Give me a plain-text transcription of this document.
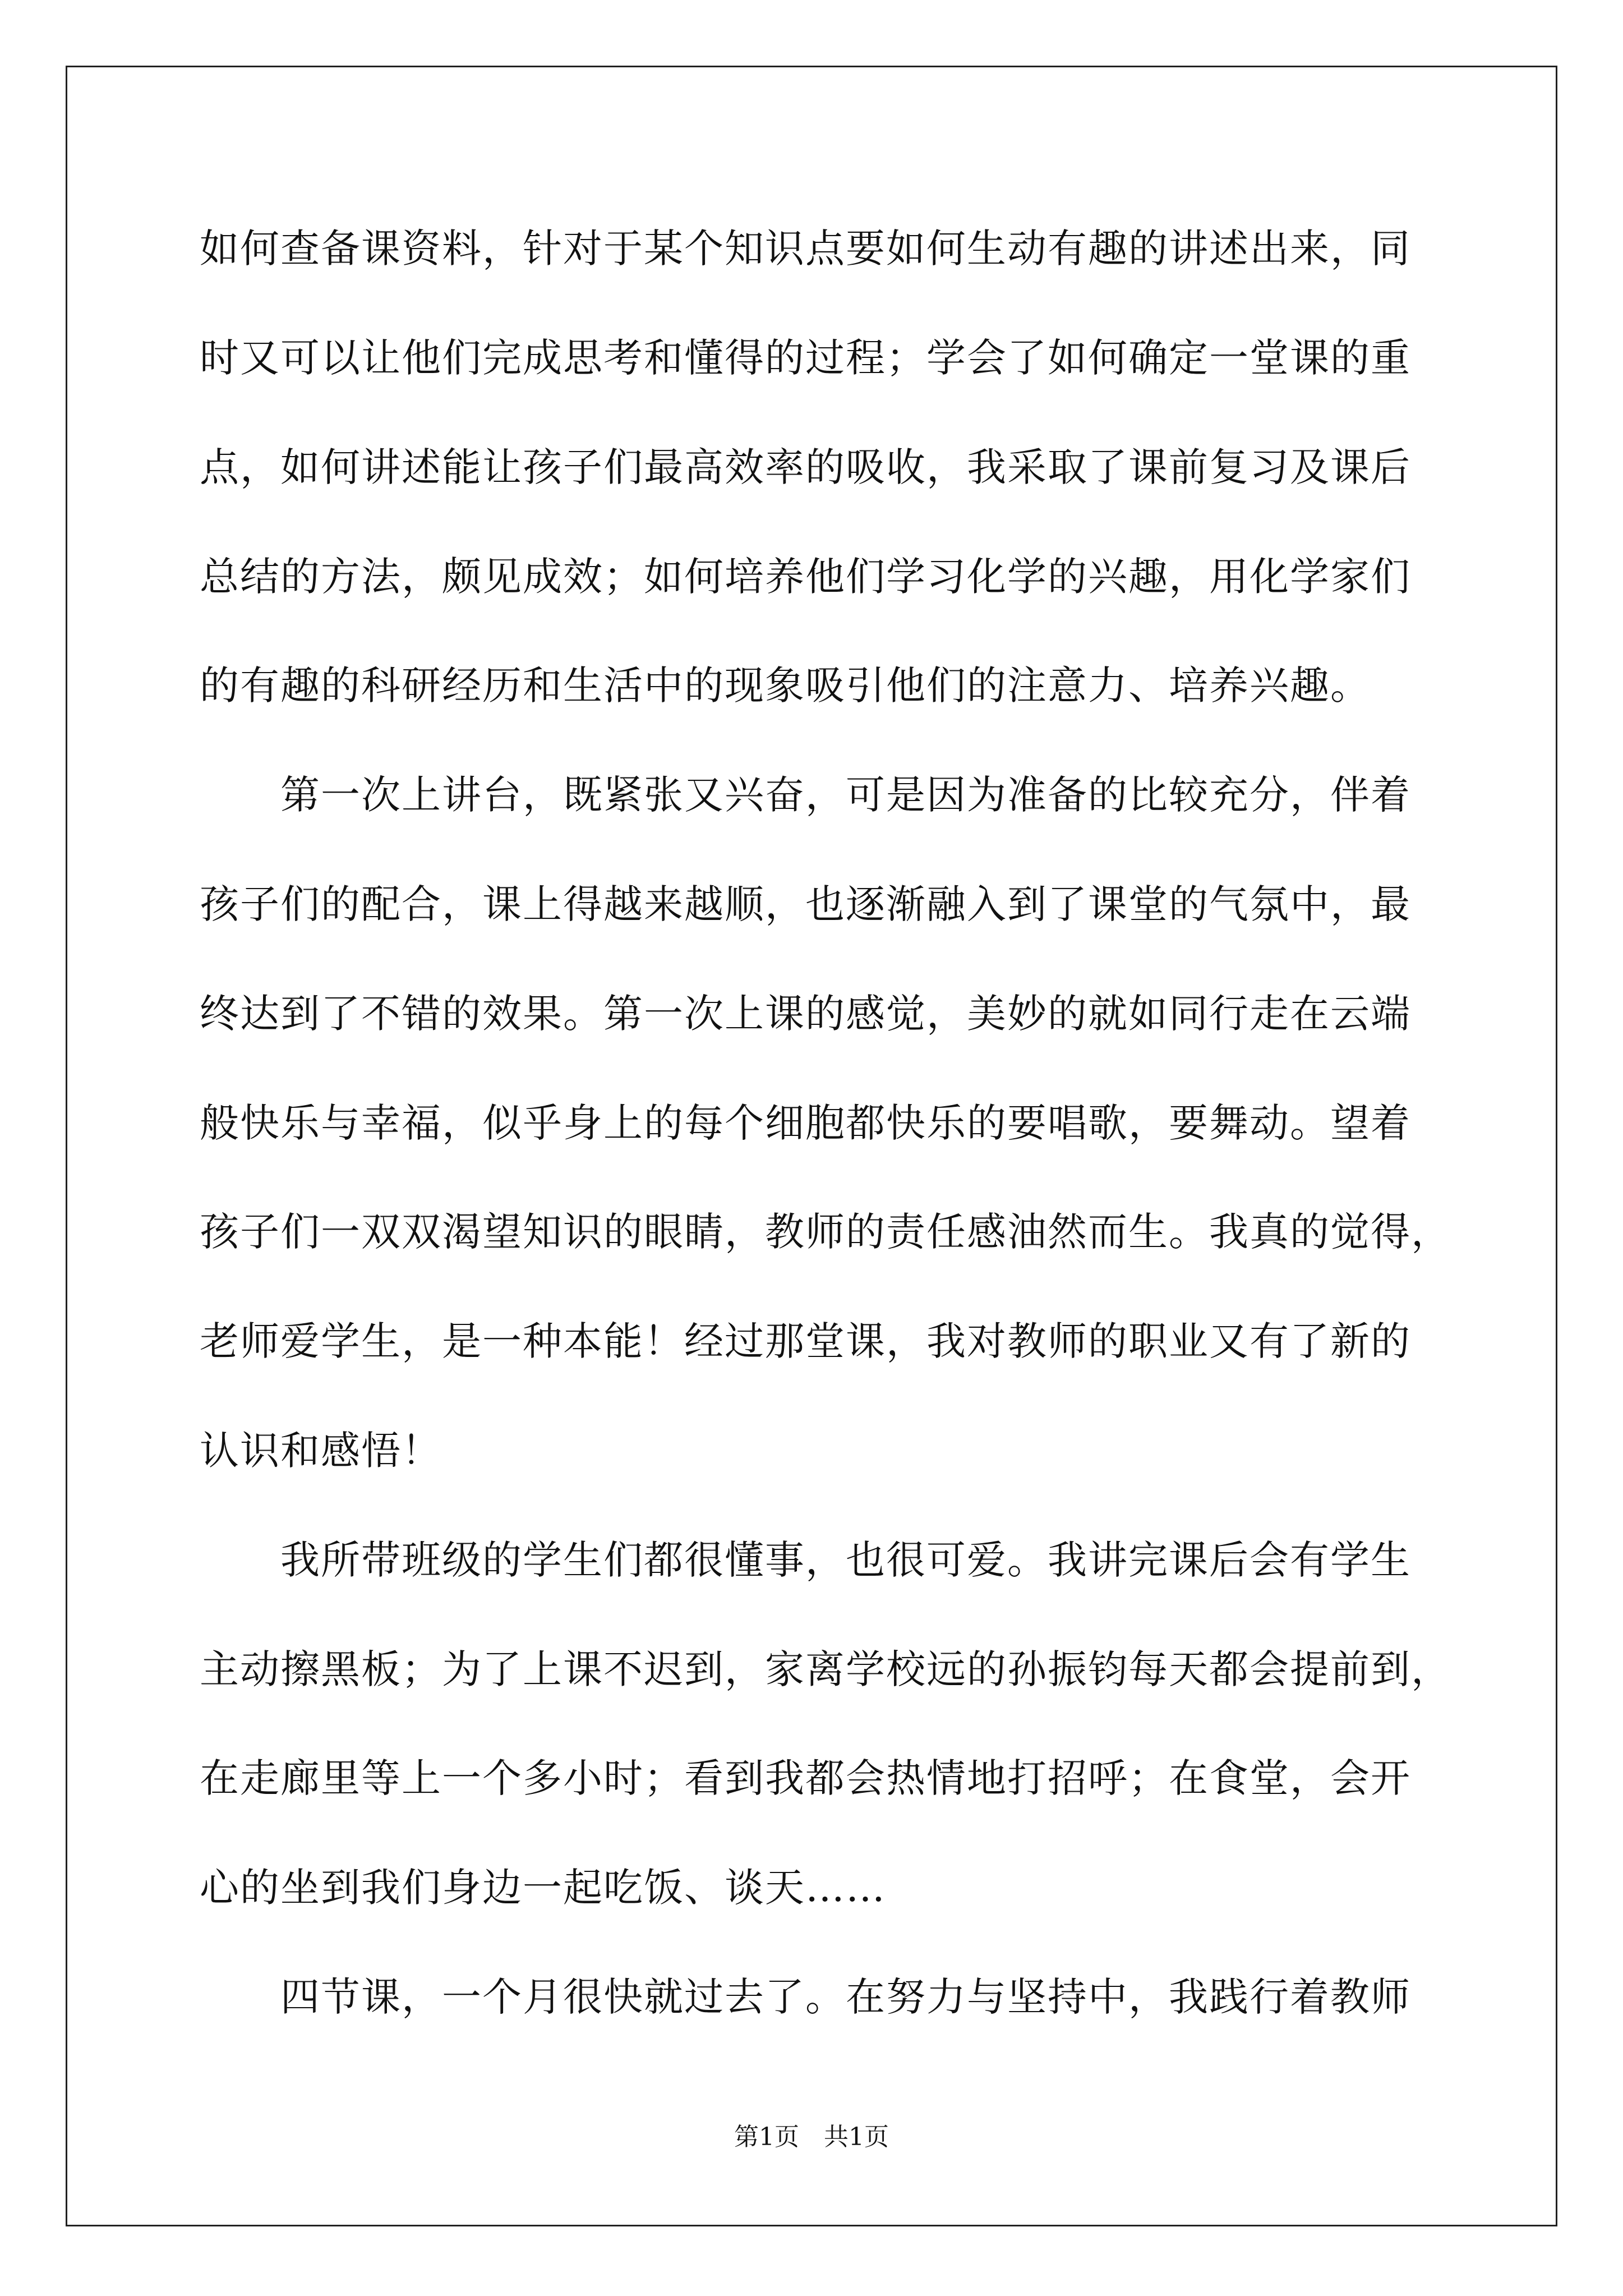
如何查备课资料，针对于某个知识点要如何生动有趣的讲述出来，同
时又可以让他们完成思考和懂得的过程；学会了如何确定一堂课的重
点，如何讲述能让孩子们最高效率的吸收，我采取了课前复习及课后
总结的方法，颇见成效；如何培养他们学习化学的兴趣，用化学家们
的有趣的科研经历和生活中的现象吸引他们的注意力、培养兴趣。
　　第一次上讲台，既紧张又兴奋，可是因为准备的比较充分，伴着
孩子们的配合，课上得越来越顺，也逐渐融入到了课堂的气氛中，最
终达到了不错的效果。第一次上课的感觉，美妙的就如同行走在云端
般快乐与幸福，似乎身上的每个细胞都快乐的要唱歌，要舞动。望着
孩子们一双双渴望知识的眼睛，教师的责任感油然而生。我真的觉得，
老师爱学生，是一种本能！经过那堂课，我对教师的职业又有了新的
认识和感悟！
　　我所带班级的学生们都很懂事，也很可爱。我讲完课后会有学生
主动擦黑板；为了上课不迟到，家离学校远的孙振钧每天都会提前到，
在走廊里等上一个多小时；看到我都会热情地打招呼；在食堂，会开
心的坐到我们身边一起吃饭、谈天……
　　四节课，一个月很快就过去了。在努力与坚持中，我践行着教师
第1页　共1页
